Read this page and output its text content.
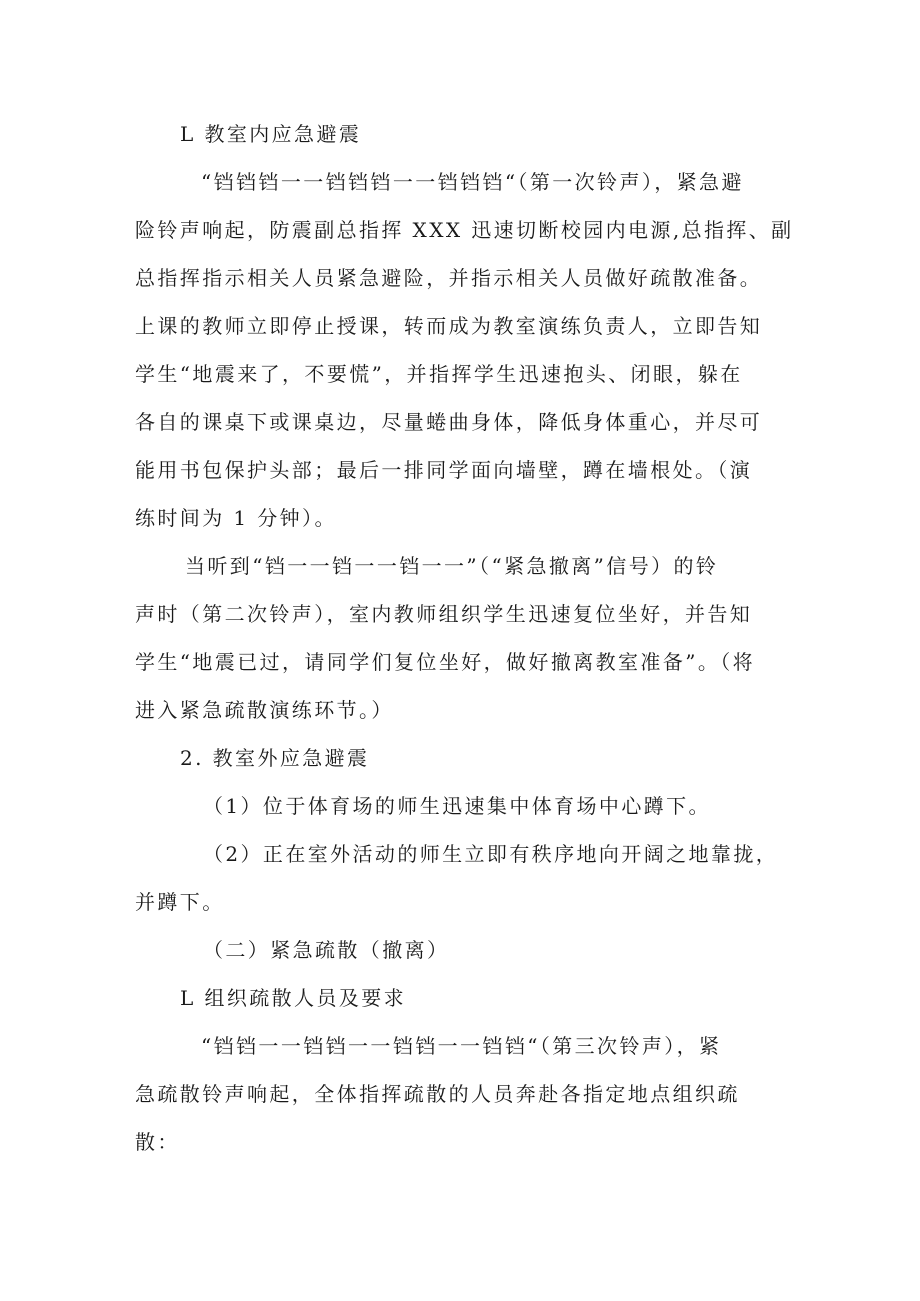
L 教室内应急避震
“铛铛铛一一铛铛铛一一铛铛铛“（第一次铃声），紧急避
险铃声响起，防震副总指挥 XXX 迅速切断校园内电源,总指挥、副
总指挥指示相关人员紧急避险，并指示相关人员做好疏散准备。
上课的教师立即停止授课，转而成为教室演练负责人，立即告知
学生“地震来了，不要慌”，并指挥学生迅速抱头、闭眼，躲在
各自的课桌下或课桌边，尽量蜷曲身体，降低身体重心，并尽可
能用书包保护头部；最后一排同学面向墙壁，蹲在墙根处。（演
练时间为 1 分钟）。
当听到“铛一一铛一一铛一一”（“紧急撤离”信号）的铃
声时（第二次铃声），室内教师组织学生迅速复位坐好，并告知
学生“地震已过，请同学们复位坐好，做好撤离教室准备”。（将
进入紧急疏散演练环节。）
2. 教室外应急避震
（1）位于体育场的师生迅速集中体育场中心蹲下。
（2）正在室外活动的师生立即有秩序地向开阔之地靠拢，
并蹲下。
（二）紧急疏散（撤离）
L 组织疏散人员及要求
“铛铛一一铛铛一一铛铛一一铛铛“（第三次铃声），紧
急疏散铃声响起，全体指挥疏散的人员奔赴各指定地点组织疏
散：
